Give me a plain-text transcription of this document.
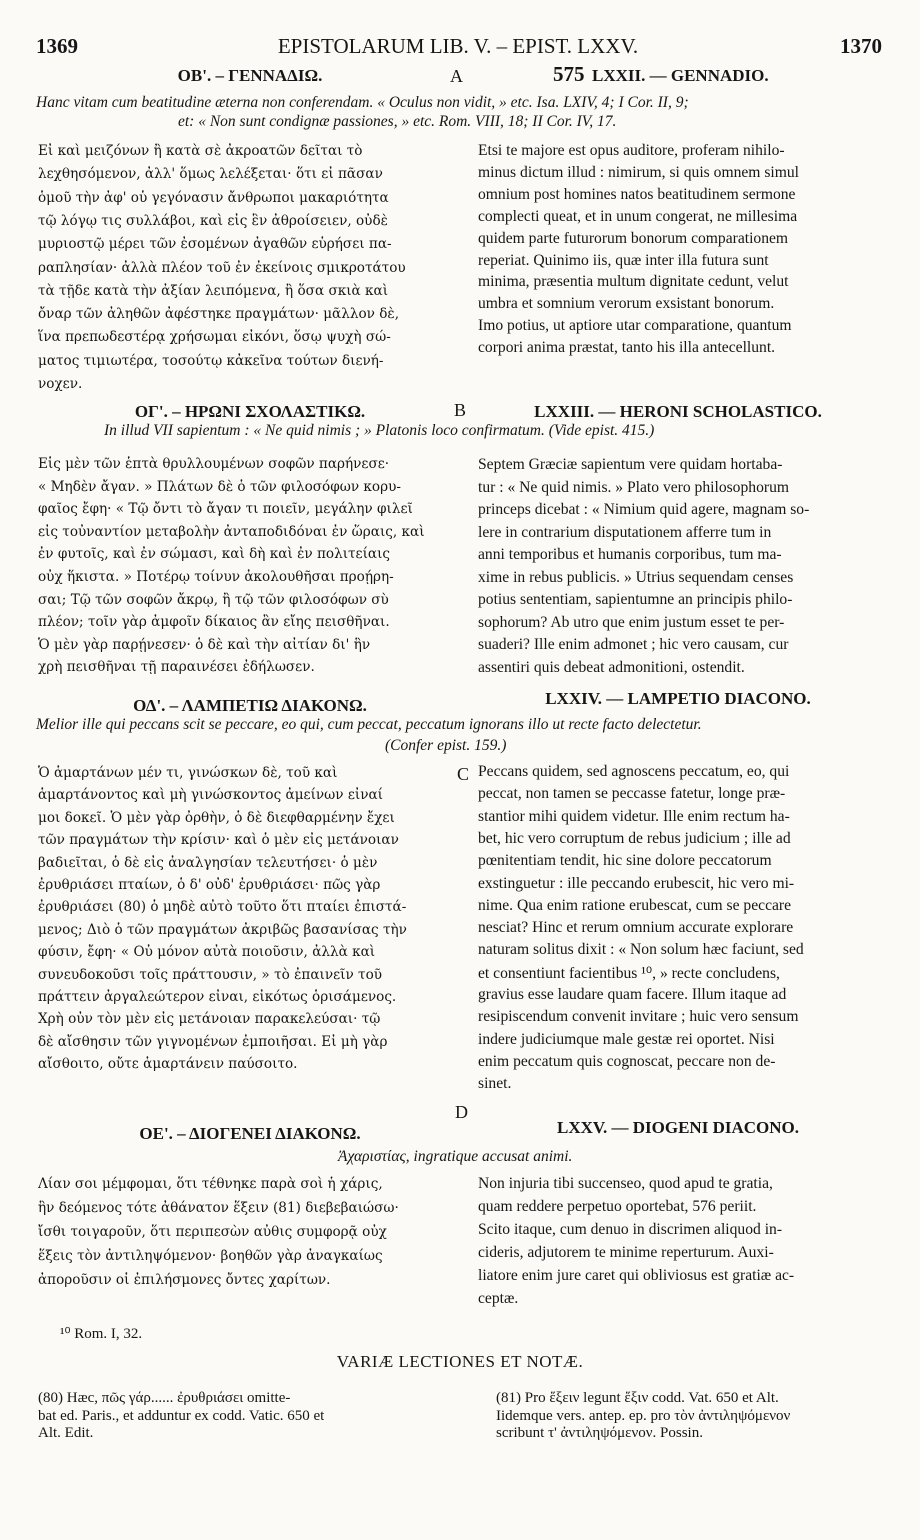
1369	EPISTOLARUM LIB. V. – EPIST. LXXV.	1370
A
B
C
D
ΟΒ'. – ΓΕΝΝΑΔΙΩ.	575 LXXII. — GENNADIO.
Hanc vitam cum beatitudine æterna non conferendam. « Oculus non vidit, » etc. Isa. LXIV, 4; I Cor. II, 9;
et: « Non sunt condignæ passiones, » etc. Rom. VIII, 18; II Cor. IV, 17.
Εἰ καὶ μειζόνων ἢ κατὰ σὲ ἀκροατῶν δεῖται τὸ
λεχθησόμενον, ἀλλ' ὅμως λελέξεται· ὅτι εἰ πᾶσαν
ὁμοῦ τὴν ἀφ' οὗ γεγόνασιν ἄνθρωποι μακαριότητα
τῷ λόγῳ τις συλλάβοι, καὶ εἰς ἓν ἀθροίσειεν, οὐδὲ
μυριοστῷ μέρει τῶν ἐσομένων ἀγαθῶν εὑρήσει πα-
ραπλησίαν· ἀλλὰ πλέον τοῦ ἐν ἐκείνοις σμικροτάτου
τὰ τῇδε κατὰ τὴν ἀξίαν λειπόμενα, ἢ ὅσα σκιὰ καὶ
ὄναρ τῶν ἀληθῶν ἀφέστηκε πραγμάτων· μᾶλλον δὲ,
ἵνα πρεπωδεστέρᾳ χρήσωμαι εἰκόνι, ὅσῳ ψυχὴ σώ-
ματος τιμιωτέρα, τοσούτῳ κἀκεῖνα τούτων διενή-
νοχεν.
Etsi te majore est opus auditore, proferam nihilo-
minus dictum illud : nimirum, si quis omnem simul
omnium post homines natos beatitudinem sermone
complecti queat, et in unum congerat, ne millesima
quidem parte futurorum bonorum comparationem
reperiat. Quinimo iis, quæ inter illa futura sunt
minima, præsentia multum dignitate cedunt, velut
umbra et somnium verorum exsistant bonorum.
Imo potius, ut aptiore utar comparatione, quantum
corpori anima præstat, tanto his illa antecellunt.
ΟΓ'. – ΗΡΩΝΙ ΣΧΟΛΑΣΤΙΚΩ.	LXXIII. — HERONI SCHOLASTICO.
In illud VII sapientum : « Ne quid nimis ; » Platonis loco confirmatum. (Vide epist. 415.)
Εἷς μὲν τῶν ἑπτὰ θρυλλουμένων σοφῶν παρήνεσε·
« Μηδὲν ἄγαν. » Πλάτων δὲ ὁ τῶν φιλοσόφων κορυ-
φαῖος ἔφη· « Τῷ ὄντι τὸ ἄγαν τι ποιεῖν, μεγάλην φιλεῖ
εἰς τοὐναντίον μεταβολὴν ἀνταποδιδόναι ἐν ὥραις, καὶ
ἐν φυτοῖς, καὶ ἐν σώμασι, καὶ δὴ καὶ ἐν πολιτείαις
οὐχ ἥκιστα. » Ποτέρῳ τοίνυν ἀκολουθῆσαι προῄρη-
σαι; Τῷ τῶν σοφῶν ἄκρῳ, ἢ τῷ τῶν φιλοσόφων σὺ
πλέον; τοῖν γὰρ ἀμφοῖν δίκαιος ἂν εἴης πεισθῆναι.
Ὁ μὲν γὰρ παρῄνεσεν· ὁ δὲ καὶ τὴν αἰτίαν δι' ἣν
χρὴ πεισθῆναι τῇ παραινέσει ἐδήλωσεν.
Septem Græciæ sapientum vere quidam hortaba-
tur : « Ne quid nimis. » Plato vero philosophorum
princeps dicebat : « Nimium quid agere, magnam so-
lere in contrarium disputationem afferre tum in
anni temporibus et humanis corporibus, tum ma-
xime in rebus publicis. » Utrius sequendam censes
potius sententiam, sapientumne an principis philo-
sophorum? Ab utro que enim justum esset te per-
suaderi? Ille enim admonet ; hic vero causam, cur
assentiri quis debeat admonitioni, ostendit.
ΟΔ'. – ΛΑΜΠΕΤΙΩ ΔΙΑΚΟΝΩ.	LXXIV. — LAMPETIO DIACONO.
Melior ille qui peccans scit se peccare, eo qui, cum peccat, peccatum ignorans illo ut recte facto delectetur.
(Confer epist. 159.)
Ὁ ἁμαρτάνων μέν τι, γινώσκων δὲ, τοῦ καὶ
ἁμαρτάνοντος καὶ μὴ γινώσκοντος ἀμείνων εἶναί
μοι δοκεῖ. Ὁ μὲν γὰρ ὀρθὴν, ὁ δὲ διεφθαρμένην ἔχει
τῶν πραγμάτων τὴν κρίσιν· καὶ ὁ μὲν εἰς μετάνοιαν
βαδιεῖται, ὁ δὲ εἰς ἀναλγησίαν τελευτήσει· ὁ μὲν
ἐρυθριάσει πταίων, ὁ δ' οὐδ' ἐρυθριάσει· πῶς γὰρ
ἐρυθριάσει (80) ὁ μηδὲ αὐτὸ τοῦτο ὅτι πταίει ἐπιστά-
μενος; Διὸ ὁ τῶν πραγμάτων ἀκριβῶς βασανίσας τὴν
φύσιν, ἔφη· « Οὐ μόνον αὐτὰ ποιοῦσιν, ἀλλὰ καὶ
συνευδοκοῦσι τοῖς πράττουσιν, » τὸ ἐπαινεῖν τοῦ
πράττειν ἀργαλεώτερον εἶναι, εἰκότως ὁρισάμενος.
Χρὴ οὖν τὸν μὲν εἰς μετάνοιαν παρακελεύσαι· τῷ
δὲ αἴσθησιν τῶν γιγνομένων ἐμποιῆσαι. Εἰ μὴ γὰρ
αἴσθοιτο, οὔτε ἁμαρτάνειν παύσοιτο.
Peccans quidem, sed agnoscens peccatum, eo, qui
peccat, non tamen se peccasse fatetur, longe præ-
stantior mihi quidem videtur. Ille enim rectum ha-
bet, hic vero corruptum de rebus judicium ; ille ad
pœnitentiam tendit, hic sine dolore peccatorum
exstinguetur : ille peccando erubescit, hic vero mi-
nime. Qua enim ratione erubescat, cum se peccare
nesciat? Hinc et rerum omnium accurate explorare
naturam solitus dixit : « Non solum hæc faciunt, sed
et consentiunt facientibus ¹⁰, » recte concludens,
gravius esse laudare quam facere. Illum itaque ad
resipiscendum convenit invitare ; huic vero sensum
indere judiciumque male gestæ rei oportet. Nisi
enim peccatum quis cognoscat, peccare non de-
sinet.
ΟΕ'. – ΔΙΟΓΕΝΕΙ ΔΙΑΚΟΝΩ.	LXXV. — DIOGENI DIACONO.
Ἀχαριστίας, ingratique accusat animi.
Λίαν σοι μέμφομαι, ὅτι τέθνηκε παρὰ σοὶ ἡ χάρις,
ἣν δεόμενος τότε ἀθάνατον ἕξειν (81) διεβεβαιώσω·
ἴσθι τοιγαροῦν, ὅτι περιπεσὼν αὖθις συμφορᾷ οὐχ
ἕξεις τὸν ἀντιληψόμενον· βοηθῶν γὰρ ἀναγκαίως
ἀποροῦσιν οἱ ἐπιλήσμονες ὄντες χαρίτων.
Non injuria tibi succenseo, quod apud te gratia,
quam reddere perpetuo oportebat, 576 periit.
Scito itaque, cum denuo in discrimen aliquod in-
cideris, adjutorem te minime reperturum. Auxi-
liatore enim jure caret qui obliviosus est gratiæ ac-
ceptæ.
¹⁰ Rom. I, 32.
VARIÆ LECTIONES ET NOTÆ.
(80) Hæc, πῶς γάρ...... ἐρυθριάσει omitte-
bat ed. Paris., et adduntur ex codd. Vatic. 650 et
Alt. Edit.
(81) Pro ἕξειν legunt ἕξιν codd. Vat. 650 et Alt.
Iidemque vers. antep. ep. pro τὸν ἀντιληψόμενον
scribunt τ' ἀντιληψόμενον. Possin.
